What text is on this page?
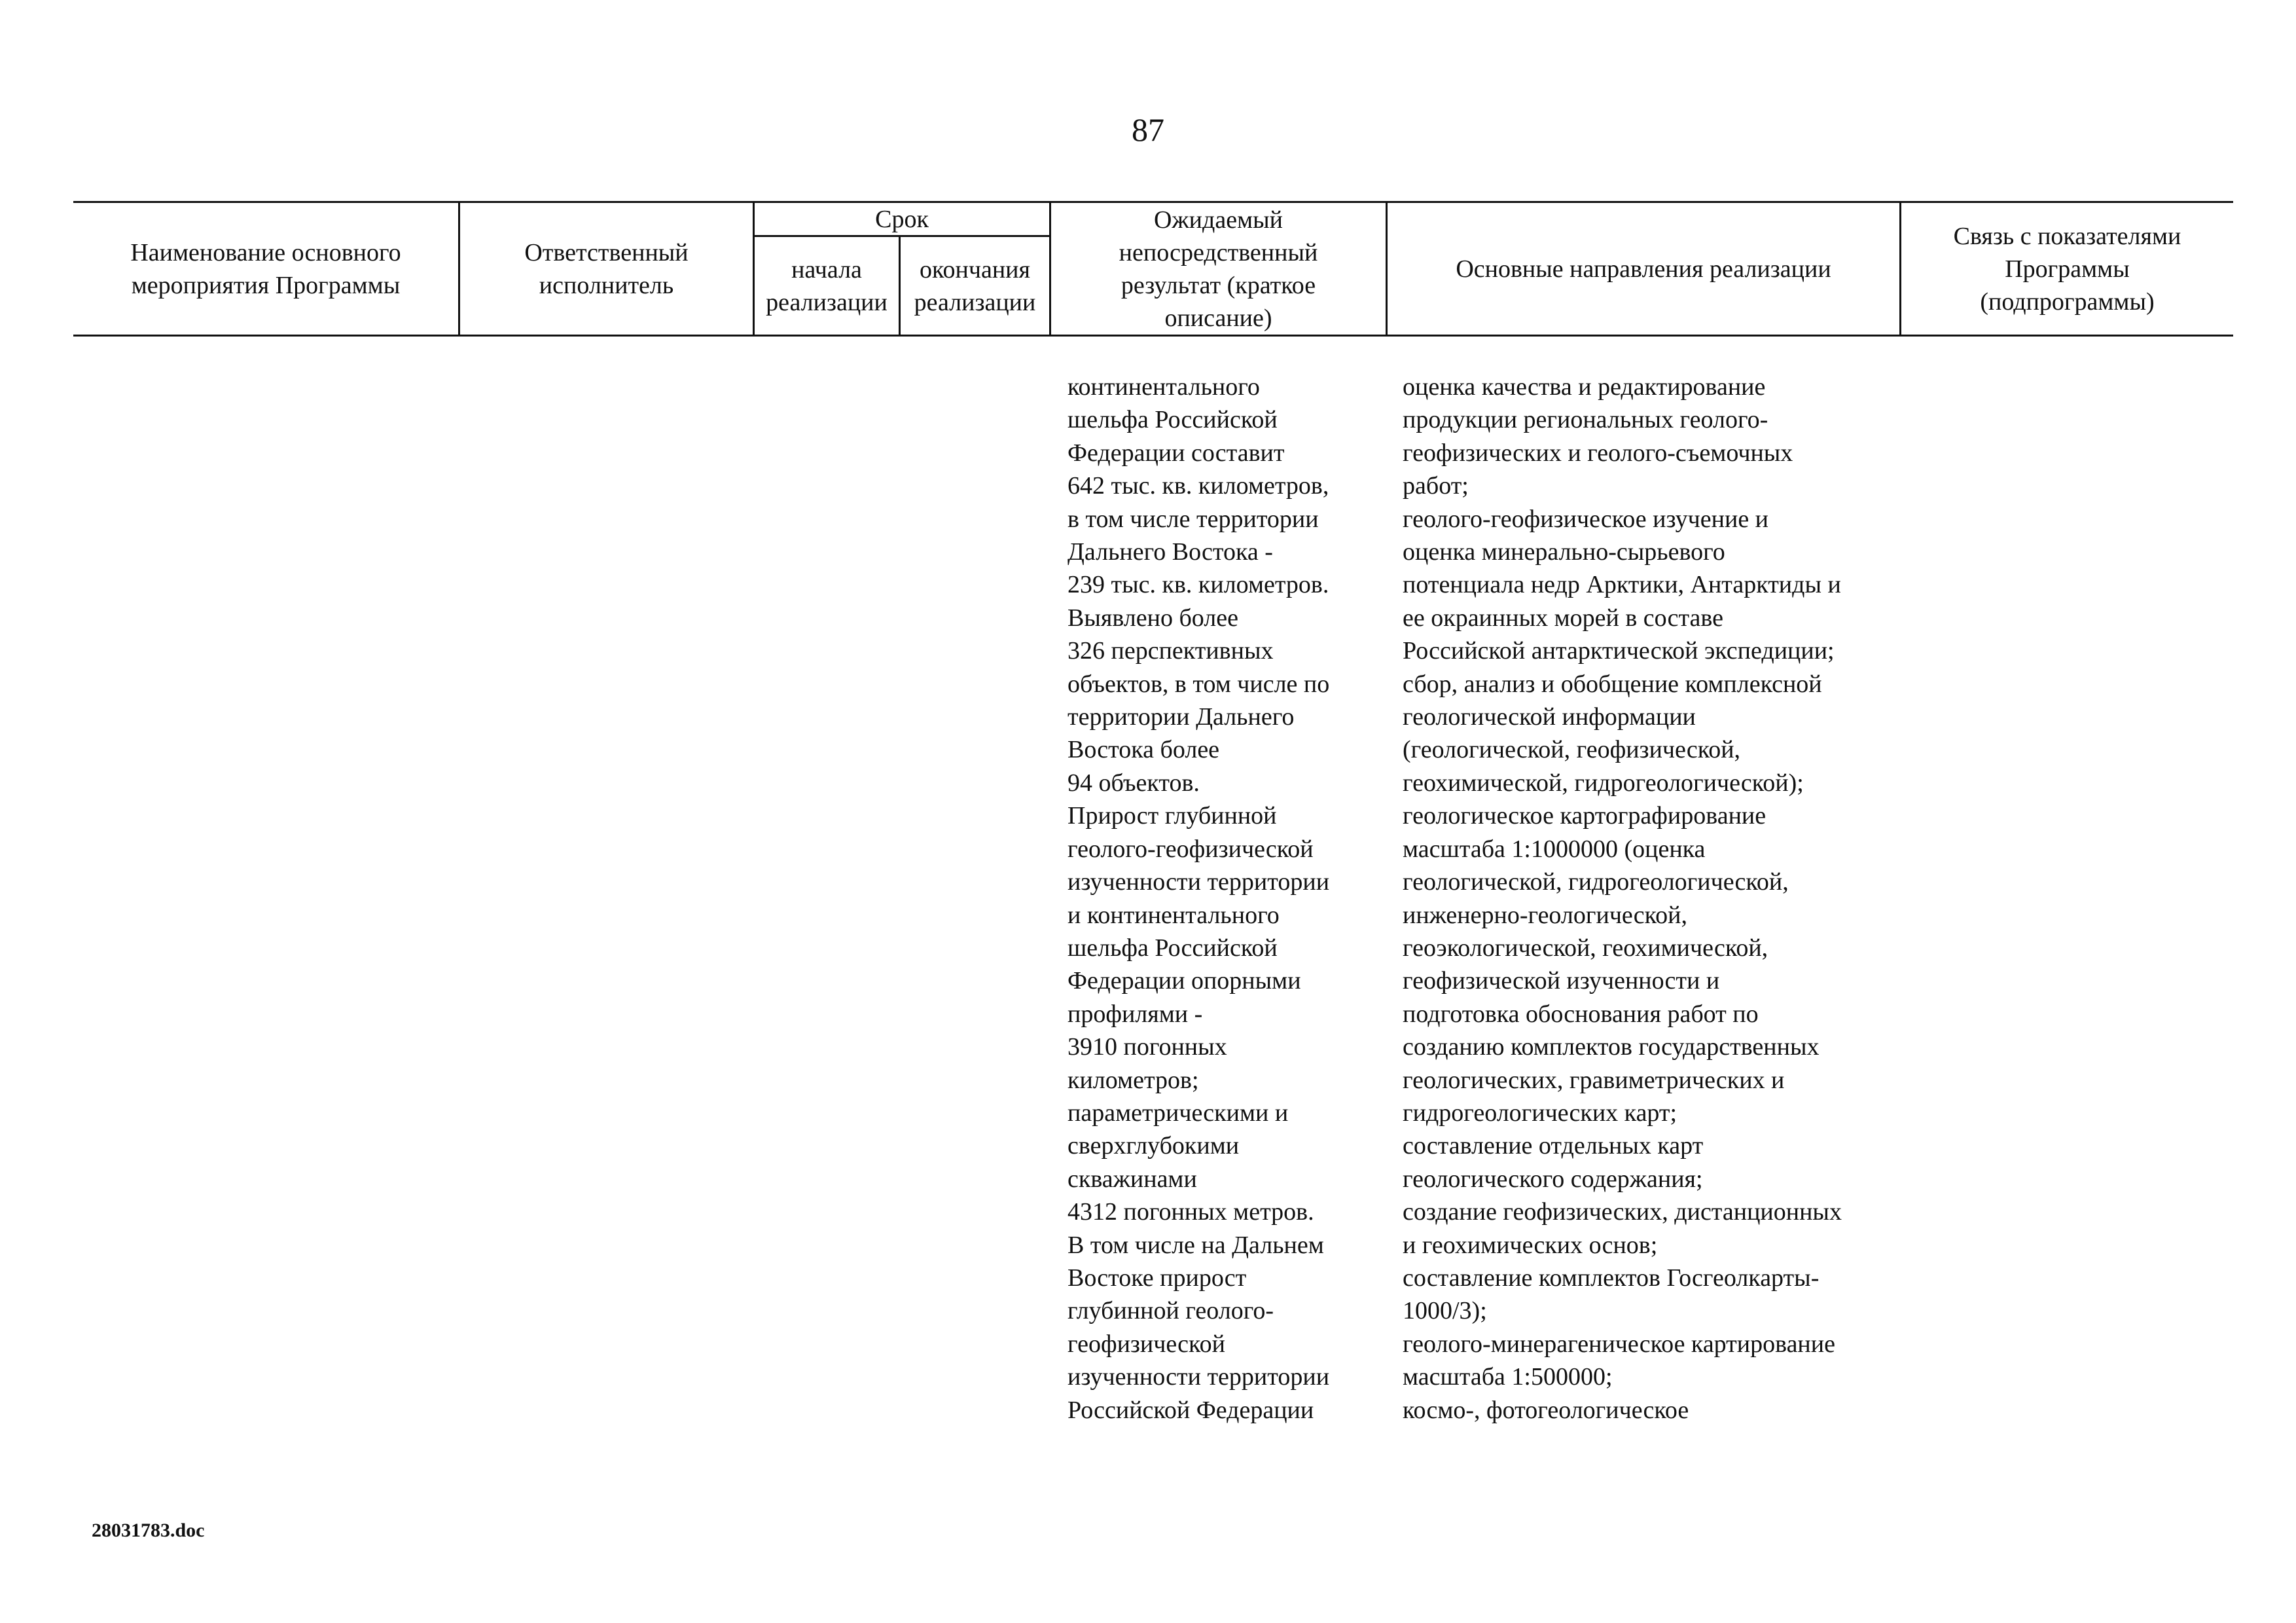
87
Наименование основного
мероприятия Программы
Ответственный
исполнитель
Срок
начала
реализации
окончания
реализации
Ожидаемый
непосредственный
результат (краткое
описание)
Основные направления реализации
Связь с показателями
Программы
(подпрограммы)
континентального
шельфа Российской
Федерации составит
642 тыс. кв. километров,
в том числе территории
Дальнего Востока -
239 тыс. кв. километров.
Выявлено более
326 перспективных
объектов, в том числе по
территории Дальнего
Востока более
94 объектов.
Прирост глубинной
геолого-геофизической
изученности территории
и континентального
шельфа Российской
Федерации опорными
профилями -
3910 погонных
километров;
параметрическими и
сверхглубокими
скважинами
4312 погонных метров.
В том числе на Дальнем
Востоке прирост
глубинной геолого-
геофизической
изученности территории
Российской Федерации
оценка качества и редактирование
продукции региональных геолого-
геофизических и геолого-съемочных
работ;
геолого-геофизическое изучение и
оценка минерально-сырьевого
потенциала недр Арктики, Антарктиды и
ее окраинных морей в составе
Российской антарктической экспедиции;
сбор, анализ и обобщение комплексной
геологической информации
(геологической, геофизической,
геохимической, гидрогеологической);
геологическое картографирование
масштаба 1:1000000 (оценка
геологической, гидрогеологической,
инженерно-геологической,
геоэкологической, геохимической,
геофизической изученности и
подготовка обоснования работ по
созданию комплектов государственных
геологических, гравиметрических и
гидрогеологических карт;
составление отдельных карт
геологического содержания;
создание геофизических, дистанционных
и геохимических основ;
составление комплектов Госгеолкарты-
1000/3);
геолого-минерагеническое картирование
масштаба 1:500000;
космо-, фотогеологическое
28031783.doc
